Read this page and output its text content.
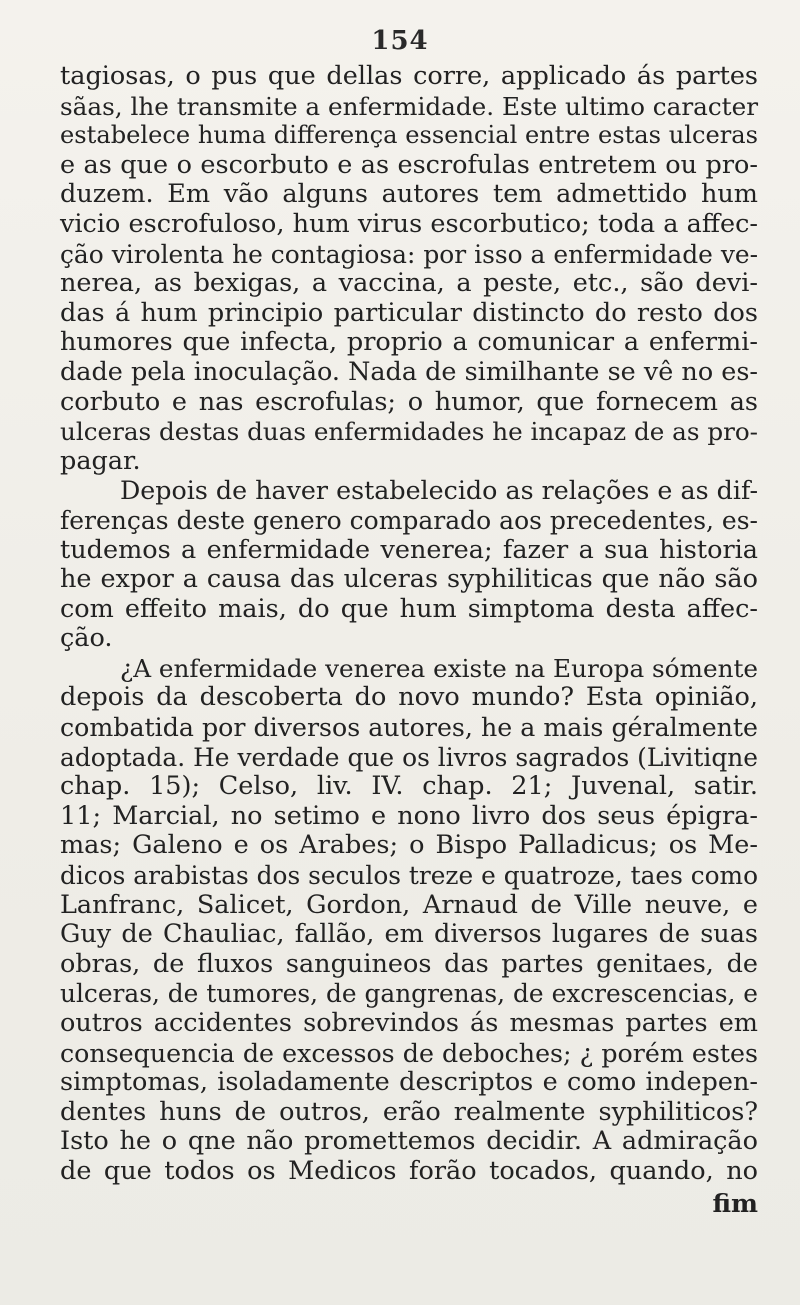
154
tagiosas, o pus que dellas corre, applicado ás partes
sãas, lhe transmite a enfermidade. Este ultimo caracter
estabelece huma differença essencial entre estas ulceras
e as que o escorbuto e as escrofulas entretem ou pro-
duzem. Em vão alguns autores tem admettido hum
vicio escrofuloso, hum virus escorbutico; toda a affec-
ção virolenta he contagiosa: por isso a enfermidade ve-
nerea, as bexigas, a vaccina, a peste, etc., são devi-
das á hum principio particular distincto do resto dos
humores que infecta, proprio a comunicar a enfermi-
dade pela inoculação. Nada de similhante se vê no es-
corbuto e nas escrofulas; o humor, que fornecem as
ulceras destas duas enfermidades he incapaz de as pro-
pagar.
Depois de haver estabelecido as relações e as dif-
ferenças deste genero comparado aos precedentes, es-
tudemos a enfermidade venerea; fazer a sua historia
he expor a causa das ulceras syphiliticas que não são
com effeito mais, do que hum simptoma desta affec-
ção.
¿A enfermidade venerea existe na Europa sómente
depois da descoberta do novo mundo? Esta opinião,
combatida por diversos autores, he a mais géralmente
adoptada. He verdade que os livros sagrados (Livitiqne
chap. 15); Celso, liv. IV. chap. 21; Juvenal, satir.
11; Marcial, no setimo e nono livro dos seus épigra-
mas; Galeno e os Arabes; o Bispo Palladicus; os Me-
dicos arabistas dos seculos treze e quatroze, taes como
Lanfranc, Salicet, Gordon, Arnaud de Ville neuve, e
Guy de Chauliac, fallão, em diversos lugares de suas
obras, de fluxos sanguineos das partes genitaes, de
ulceras, de tumores, de gangrenas, de excrescencias, e
outros accidentes sobrevindos ás mesmas partes em
consequencia de excessos de deboches; ¿ porém estes
simptomas, isoladamente descriptos e como indepen-
dentes huns de outros, erão realmente syphiliticos?
Isto he o qne não promettemos decidir. A admiração
de que todos os Medicos forão tocados, quando, no
fim
